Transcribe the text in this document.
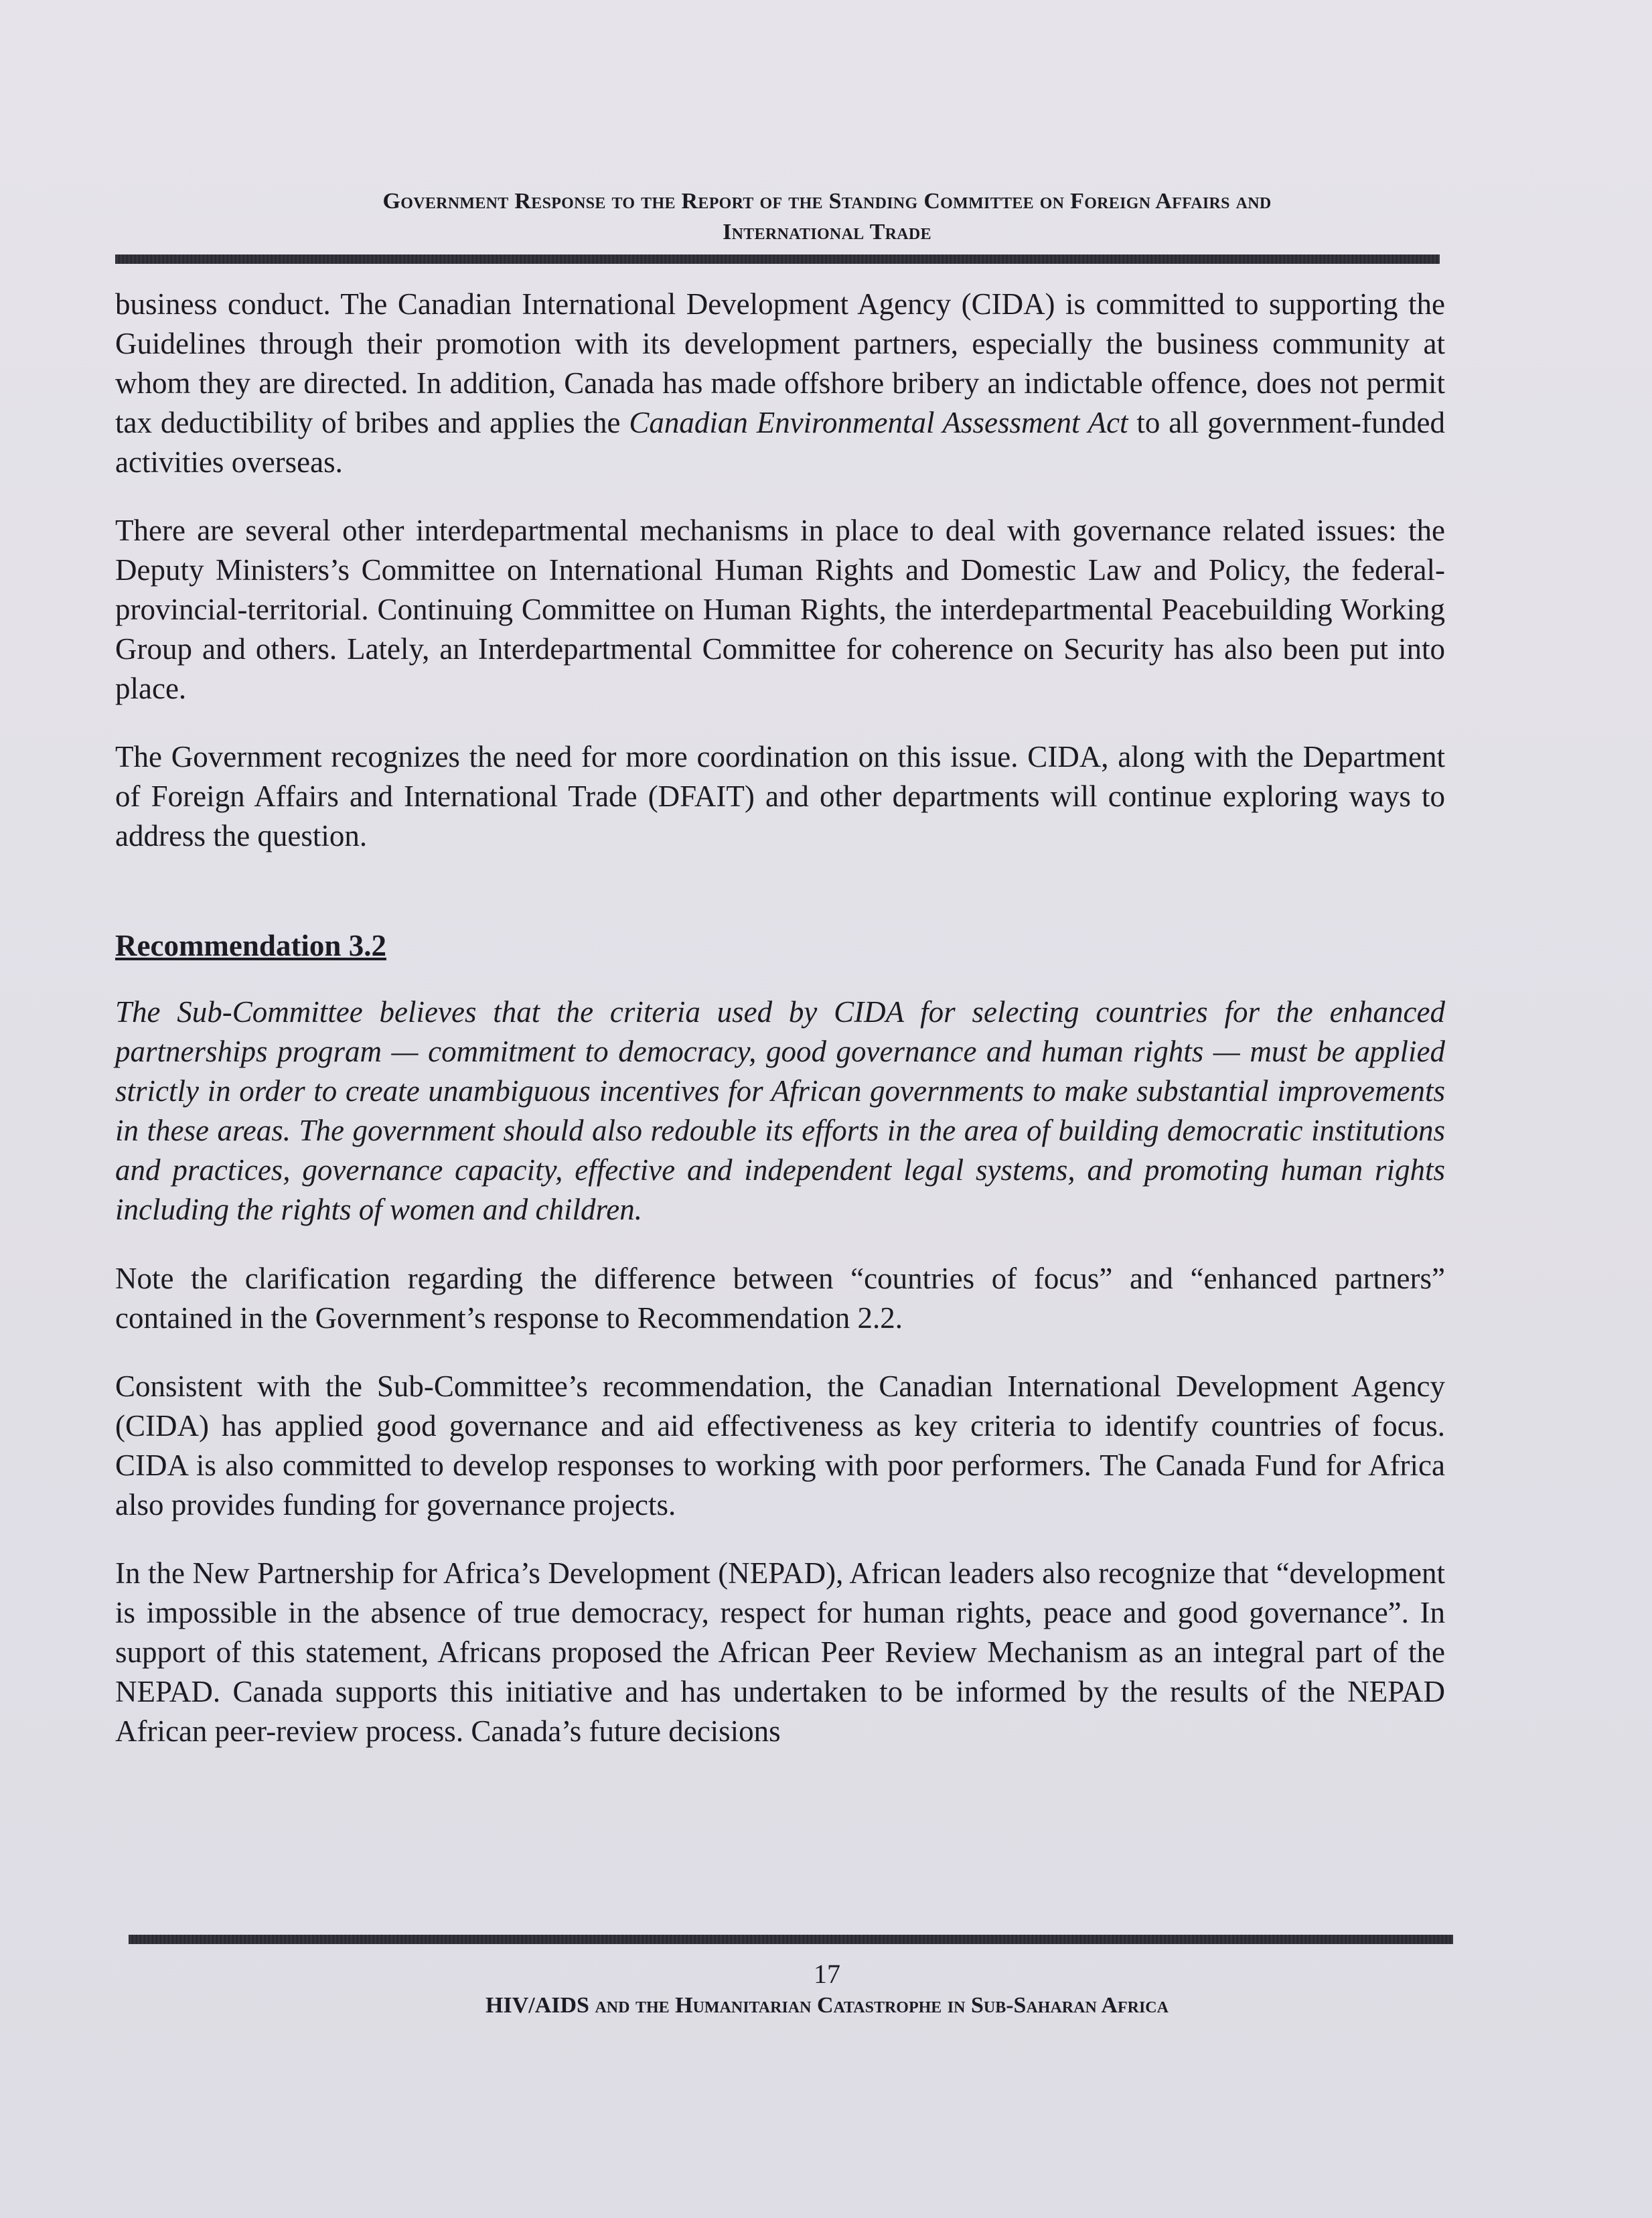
Government Response to the Report of the Standing Committee on Foreign Affairs and
International Trade

business conduct. The Canadian International Development Agency (CIDA) is committed to supporting the Guidelines through their promotion with its development partners, especially the business community at whom they are directed. In addition, Canada has made offshore bribery an indictable offence, does not permit tax deductibility of bribes and applies the Canadian Environmental Assessment Act to all government-funded activities overseas.

There are several other interdepartmental mechanisms in place to deal with governance related issues: the Deputy Ministers’s Committee on International Human Rights and Domestic Law and Policy, the federal-provincial-territorial. Continuing Committee on Human Rights, the interdepartmental Peacebuilding Working Group and others. Lately, an Interdepartmental Committee for coherence on Security has also been put into place.

The Government recognizes the need for more coordination on this issue. CIDA, along with the Department of Foreign Affairs and International Trade (DFAIT) and other departments will continue exploring ways to address the question.

Recommendation 3.2

The Sub-Committee believes that the criteria used by CIDA for selecting countries for the enhanced partnerships program — commitment to democracy, good governance and human rights — must be applied strictly in order to create unambiguous incentives for African governments to make substantial improvements in these areas. The government should also redouble its efforts in the area of building democratic institutions and practices, governance capacity, effective and independent legal systems, and promoting human rights including the rights of women and children.

Note the clarification regarding the difference between “countries of focus” and “enhanced partners” contained in the Government’s response to Recommendation 2.2.

Consistent with the Sub-Committee’s recommendation, the Canadian International Development Agency (CIDA) has applied good governance and aid effectiveness as key criteria to identify countries of focus. CIDA is also committed to develop responses to working with poor performers. The Canada Fund for Africa also provides funding for governance projects.

In the New Partnership for Africa’s Development (NEPAD), African leaders also recognize that “development is impossible in the absence of true democracy, respect for human rights, peace and good governance”. In support of this statement, Africans proposed the African Peer Review Mechanism as an integral part of the NEPAD. Canada supports this initiative and has undertaken to be informed by the results of the NEPAD African peer-review process. Canada’s future decisions

17
HIV/AIDS and the Humanitarian Catastrophe in Sub-Saharan Africa
